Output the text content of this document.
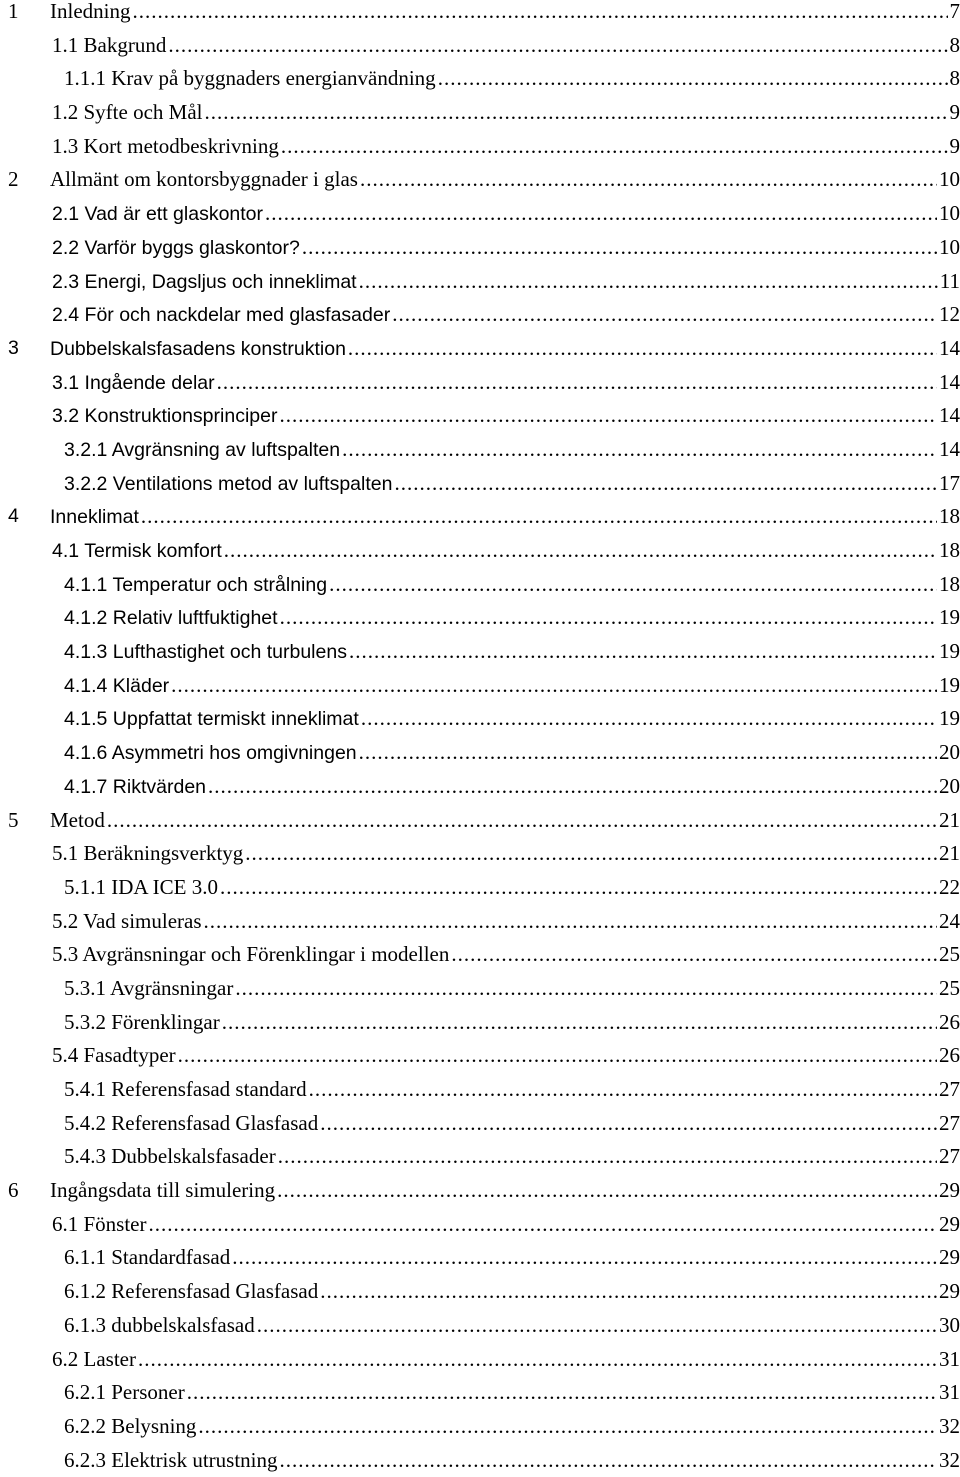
1 Inledning .....	7
1.1 Bakgrund .....	8
1.1.1 Krav på byggnaders energianvändning .....	8
1.2 Syfte och Mål .....	9
1.3 Kort metodbeskrivning .....	9
2 Allmänt om kontorsbyggnader i glas .....	10
2.1 Vad är ett glaskontor .....	10
2.2 Varför byggs glaskontor? .....	10
2.3 Energi, Dagsljus och inneklimat .....	11
2.4 För och nackdelar med glasfasader .....	12
3 Dubbelskalsfasadens konstruktion .....	14
3.1 Ingående delar .....	14
3.2 Konstruktionsprinciper .....	14
3.2.1 Avgränsning av luftspalten .....	14
3.2.2 Ventilations metod av luftspalten .....	17
4 Inneklimat .....	18
4.1 Termisk komfort .....	18
4.1.1 Temperatur och strålning .....	18
4.1.2 Relativ luftfuktighet .....	19
4.1.3 Lufthastighet och turbulens .....	19
4.1.4 Kläder .....	19
4.1.5 Uppfattat termiskt inneklimat .....	19
4.1.6 Asymmetri hos omgivningen .....	20
4.1.7 Riktvärden .....	20
5 Metod .....	21
5.1 Beräkningsverktyg .....	21
5.1.1 IDA ICE 3.0 .....	22
5.2 Vad simuleras .....	24
5.3 Avgränsningar och Förenklingar i modellen .....	25
5.3.1 Avgränsningar .....	25
5.3.2 Förenklingar .....	26
5.4 Fasadtyper .....	26
5.4.1 Referensfasad standard .....	27
5.4.2 Referensfasad Glasfasad .....	27
5.4.3 Dubbelskalsfasader .....	27
6 Ingångsdata till simulering .....	29
6.1 Fönster .....	29
6.1.1 Standardfasad .....	29
6.1.2 Referensfasad Glasfasad .....	29
6.1.3 dubbelskalsfasad .....	30
6.2 Laster .....	31
6.2.1 Personer .....	31
6.2.2 Belysning .....	32
6.2.3 Elektrisk utrustning .....	32
